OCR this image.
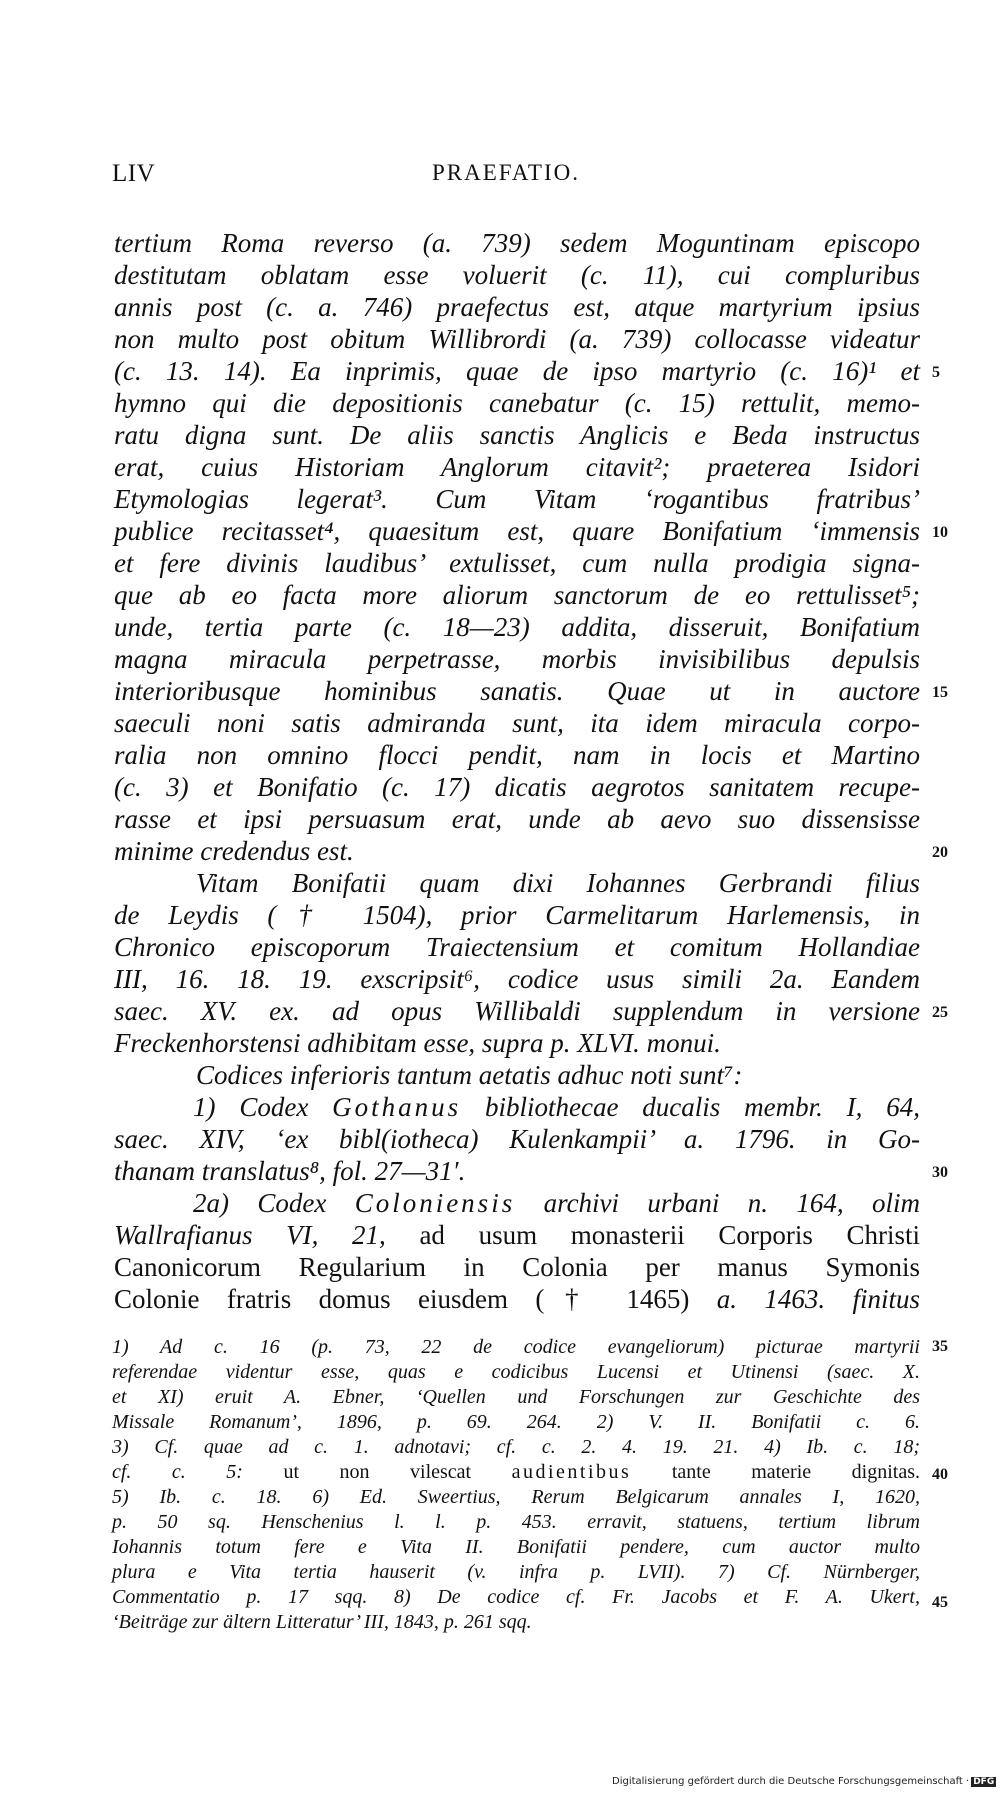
LIV	PRAEFATIO.
tertium Roma reverso (a. 739) sedem Moguntinam episcopo
destitutam oblatam esse voluerit (c. 11), cui compluribus
annis post (c. a. 746) praefectus est, atque martyrium ipsius
non multo post obitum Willibrordi (a. 739) collocasse videatur
(c. 13. 14). Ea inprimis, quae de ipso martyrio (c. 16)¹ et
hymno qui die depositionis canebatur (c. 15) rettulit, memo-
ratu digna sunt. De aliis sanctis Anglicis e Beda instructus
erat, cuius Historiam Anglorum citavit²; praeterea Isidori
Etymologias legerat³. Cum Vitam ‘rogantibus fratribus’
publice recitasset⁴, quaesitum est, quare Bonifatium ‘immensis
et fere divinis laudibus’ extulisset, cum nulla prodigia signa-
que ab eo facta more aliorum sanctorum de eo rettulisset⁵;
unde, tertia parte (c. 18—23) addita, disseruit, Bonifatium
magna miracula perpetrasse, morbis invisibilibus depulsis
interioribusque hominibus sanatis. Quae ut in auctore
saeculi noni satis admiranda sunt, ita idem miracula corpo-
ralia non omnino flocci pendit, nam in locis et Martino
(c. 3) et Bonifatio (c. 17) dicatis aegrotos sanitatem recupe-
rasse et ipsi persuasum erat, unde ab aevo suo dissensisse
minime credendus est.
Vitam Bonifatii quam dixi Iohannes Gerbrandi filius
de Leydis († 1504), prior Carmelitarum Harlemensis, in
Chronico episcoporum Traiectensium et comitum Hollandiae
III, 16. 18. 19. exscripsit⁶, codice usus simili 2a. Eandem
saec. XV. ex. ad opus Willibaldi supplendum in versione
Freckenhorstensi adhibitam esse, supra p. XLVI. monui.
Codices inferioris tantum aetatis adhuc noti sunt⁷:
1) Codex Gothanus bibliothecae ducalis membr. I, 64,
saec. XIV, ‘ex bibl(iotheca) Kulenkampii’ a. 1796. in Go-
thanam translatus⁸, fol. 27—31′.
2a) Codex Coloniensis archivi urbani n. 164, olim
Wallrafianus VI, 21, ad usum monasterii Corporis Christi
Canonicorum Regularium in Colonia per manus Symonis
Colonie fratris domus eiusdem († 1465) a. 1463. finitus
5
10
15
20
25
30
35
40
45
1) Ad c. 16 (p. 73, 22 de codice evangeliorum) picturae martyrii
referendae videntur esse, quas e codicibus Lucensi et Utinensi (saec. X.
et XI) eruit A. Ebner, ‘Quellen und Forschungen zur Geschichte des
Missale Romanum’, 1896, p. 69. 264. 2) V. II. Bonifatii c. 6.
3) Cf. quae ad c. 1. adnotavi; cf. c. 2. 4. 19. 21. 4) Ib. c. 18;
cf. c. 5: ut non vilescat audientibus tante materie dignitas.
5) Ib. c. 18. 6) Ed. Sweertius, Rerum Belgicarum annales I, 1620,
p. 50 sq. Henschenius l. l. p. 453. erravit, statuens, tertium librum
Iohannis totum fere e Vita II. Bonifatii pendere, cum auctor multo
plura e Vita tertia hauserit (v. infra p. LVII). 7) Cf. Nürnberger,
Commentatio p. 17 sqq. 8) De codice cf. Fr. Jacobs et F. A. Ukert,
‘Beiträge zur ältern Litteratur’ III, 1843, p. 261 sqq.
Digitalisierung gefördert durch die Deutsche Forschungsgemeinschaft · DFG
